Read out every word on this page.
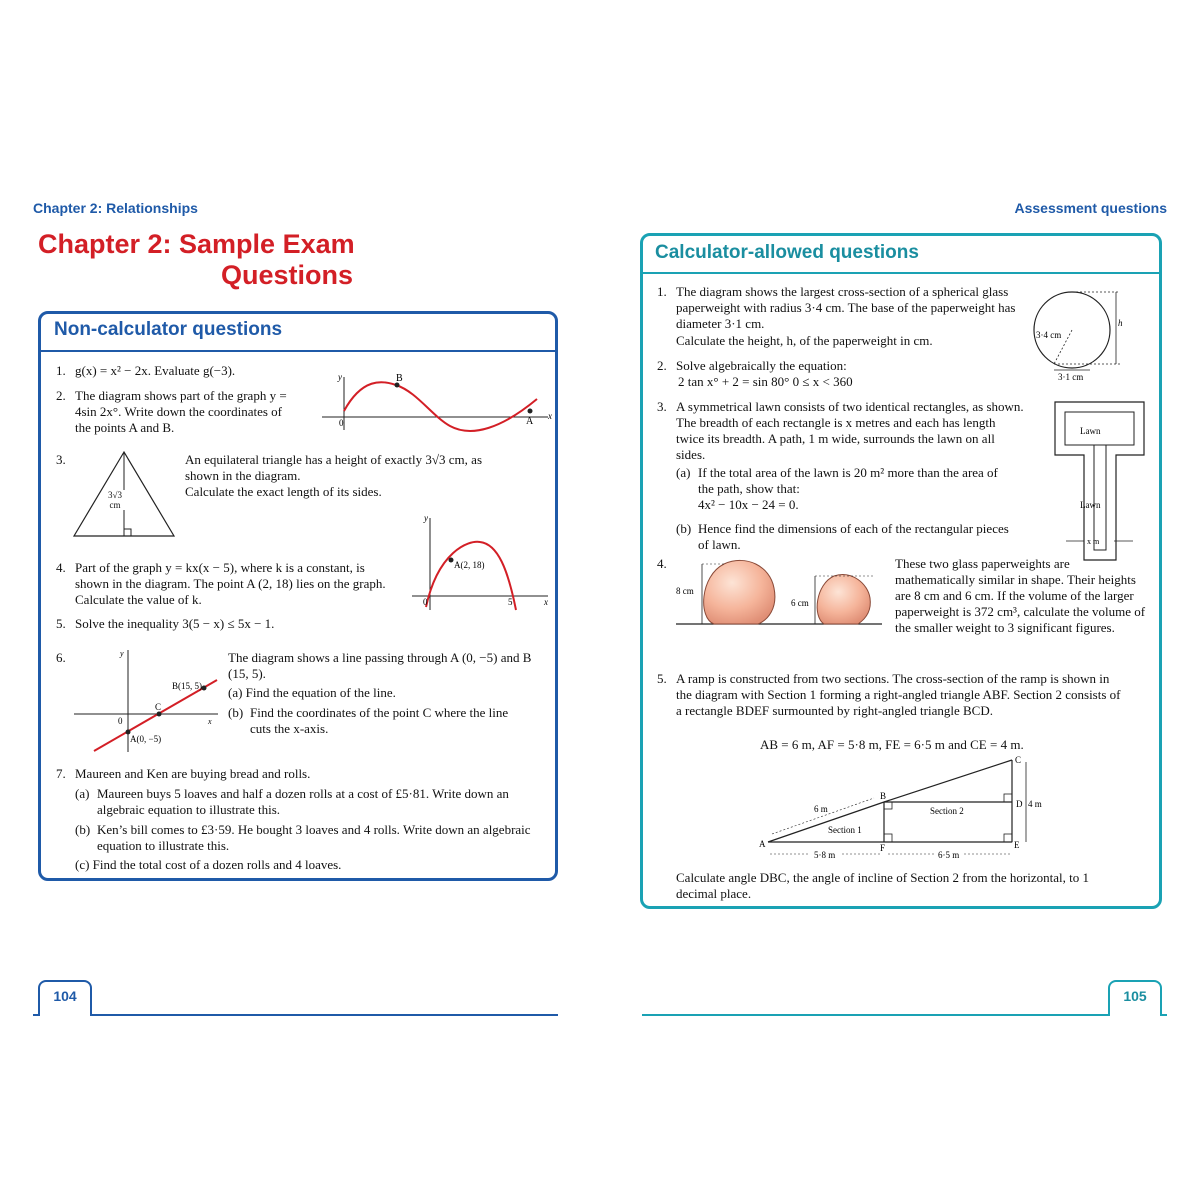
Chapter 2: Relationships	Assessment questions
Chapter 2: Sample Exam
Questions
Non-calculator questions
1. g(x) = x² − 2x. Evaluate g(−3).
2. The diagram shows part of the graph y = 4sin 2x°. Write down the coordinates of the points A and B.
B
A
y
x
0
3.
3√3 cm
An equilateral triangle has a height of exactly 3√3 cm, as shown in the diagram.
Calculate the exact length of its sides.
4. Part of the graph y = kx(x − 5), where k is a constant, is shown in the diagram. The point A (2, 18) lies on the graph. Calculate the value of k.
A(2, 18)
y
x
0	5
5. Solve the inequality 3(5 − x) ≤ 5x − 1.
6.
B(15, 5)
A(0, −5)
C
y
x
0
The diagram shows a line passing through A (0, −5) and B (15, 5).
(a) Find the equation of the line.
(b) Find the coordinates of the point C where the line cuts the x-axis.
7. Maureen and Ken are buying bread and rolls.
(a) Maureen buys 5 loaves and half a dozen rolls at a cost of £5·81. Write down an algebraic equation to illustrate this.
(b) Ken’s bill comes to £3·59. He bought 3 loaves and 4 rolls. Write down an algebraic equation to illustrate this.
(c) Find the total cost of a dozen rolls and 4 loaves.
Calculator-allowed questions
1. The diagram shows the largest cross-section of a spherical glass paperweight with radius 3·4 cm. The base of the paperweight has diameter 3·1 cm.
Calculate the height, h, of the paperweight in cm.	3·4 cm
3·1 cm
h
2. Solve algebraically the equation:
2 tan x° + 2 = sin 80° 0 ≤ x < 360
3. A symmetrical lawn consists of two identical rectangles, as shown. The breadth of each rectangle is x metres and each has length twice its breadth. A path, 1 m wide, surrounds the lawn on all sides.
(a) If the total area of the lawn is 20 m² more than the area of the path, show that:
4x² − 10x − 24 = 0.
(b) Hence find the dimensions of each of the rectangular pieces of lawn.
Lawn
Lawn
x m
4.
8 cm
6 cm
These two glass paperweights are mathematically similar in shape. Their heights are 8 cm and 6 cm. If the volume of the larger paperweight is 372 cm³, calculate the volume of the smaller weight to 3 significant figures.
5. A ramp is constructed from two sections. The cross-section of the ramp is shown in the diagram with Section 1 forming a right-angled triangle ABF. Section 2 consists of a rectangle BDEF surmounted by right-angled triangle BCD.
AB = 6 m, AF = 5·8 m, FE = 6·5 m and CE = 4 m.
A
B
C
D
E
F
6 m
Section 1
Section 2
4 m
5·8 m	6·5 m
Calculate angle DBC, the angle of incline of Section 2 from the horizontal, to 1 decimal place.
104	105
